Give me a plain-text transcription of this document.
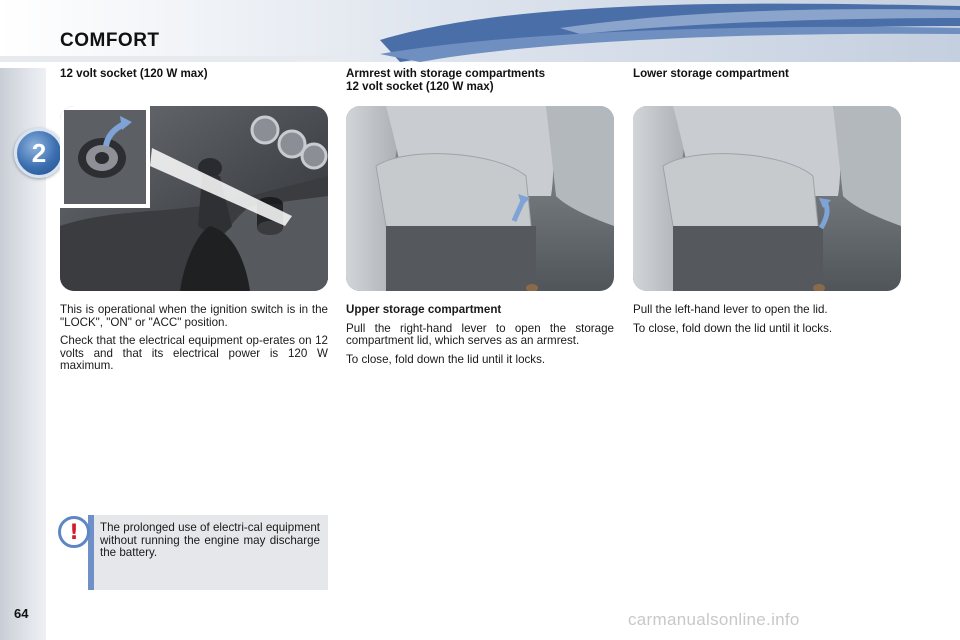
COMFORT
2
12 volt socket (120 W max)	Armrest with storage compartments
12 volt socket (120 W max)
Lower storage compartment

This is operational when the ignition switch is in the "LOCK", "ON" or "ACC" position.

Check that the electrical equipment op-erates on 12 volts and that its electrical power is 120 W maximum.

Upper storage compartment

Pull the right-hand lever to open the storage compartment lid, which serves as an armrest.

To close, fold down the lid until it locks.

Pull the left-hand lever to open the lid.

To close, fold down the lid until it locks.

!	The prolonged use of electri-cal equipment without running the engine may discharge the battery.
64	carmanualsonline.info
